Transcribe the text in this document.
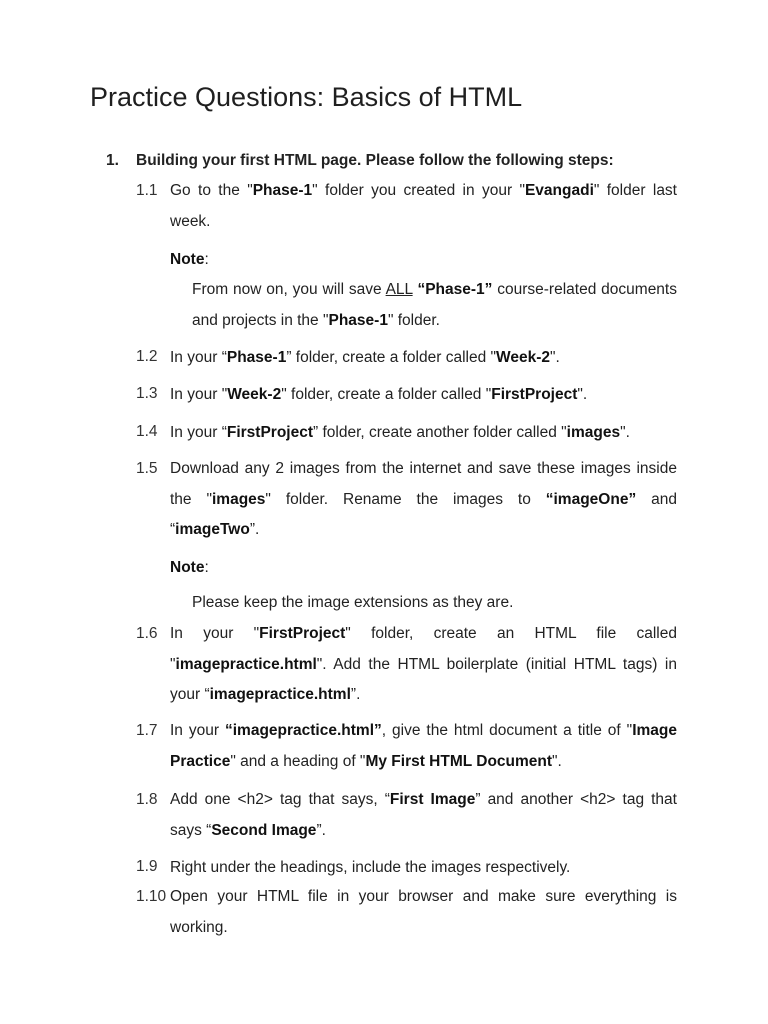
Practice Questions: Basics of HTML
1. Building your first HTML page. Please follow the following steps:
1.1 Go to the "Phase-1" folder you created in your "Evangadi" folder last week.
Note:
From now on, you will save ALL “Phase-1” course-related documents and projects in the "Phase-1" folder.
1.2 In your “Phase-1” folder, create a folder called "Week-2".
1.3 In your "Week-2" folder, create a folder called "FirstProject".
1.4 In your “FirstProject” folder, create another folder called "images".
1.5 Download any 2 images from the internet and save these images inside the "images" folder. Rename the images to “imageOne” and “imageTwo”.
Note:
Please keep the image extensions as they are.
1.6 In your "FirstProject" folder, create an HTML file called "imagepractice.html". Add the HTML boilerplate (initial HTML tags) in your “imagepractice.html”.
1.7 In your “imagepractice.html”, give the html document a title of "Image Practice" and a heading of "My First HTML Document".
1.8 Add one <h2> tag that says, “First Image” and another <h2> tag that says “Second Image”.
1.9 Right under the headings, include the images respectively.
1.10 Open your HTML file in your browser and make sure everything is working.
